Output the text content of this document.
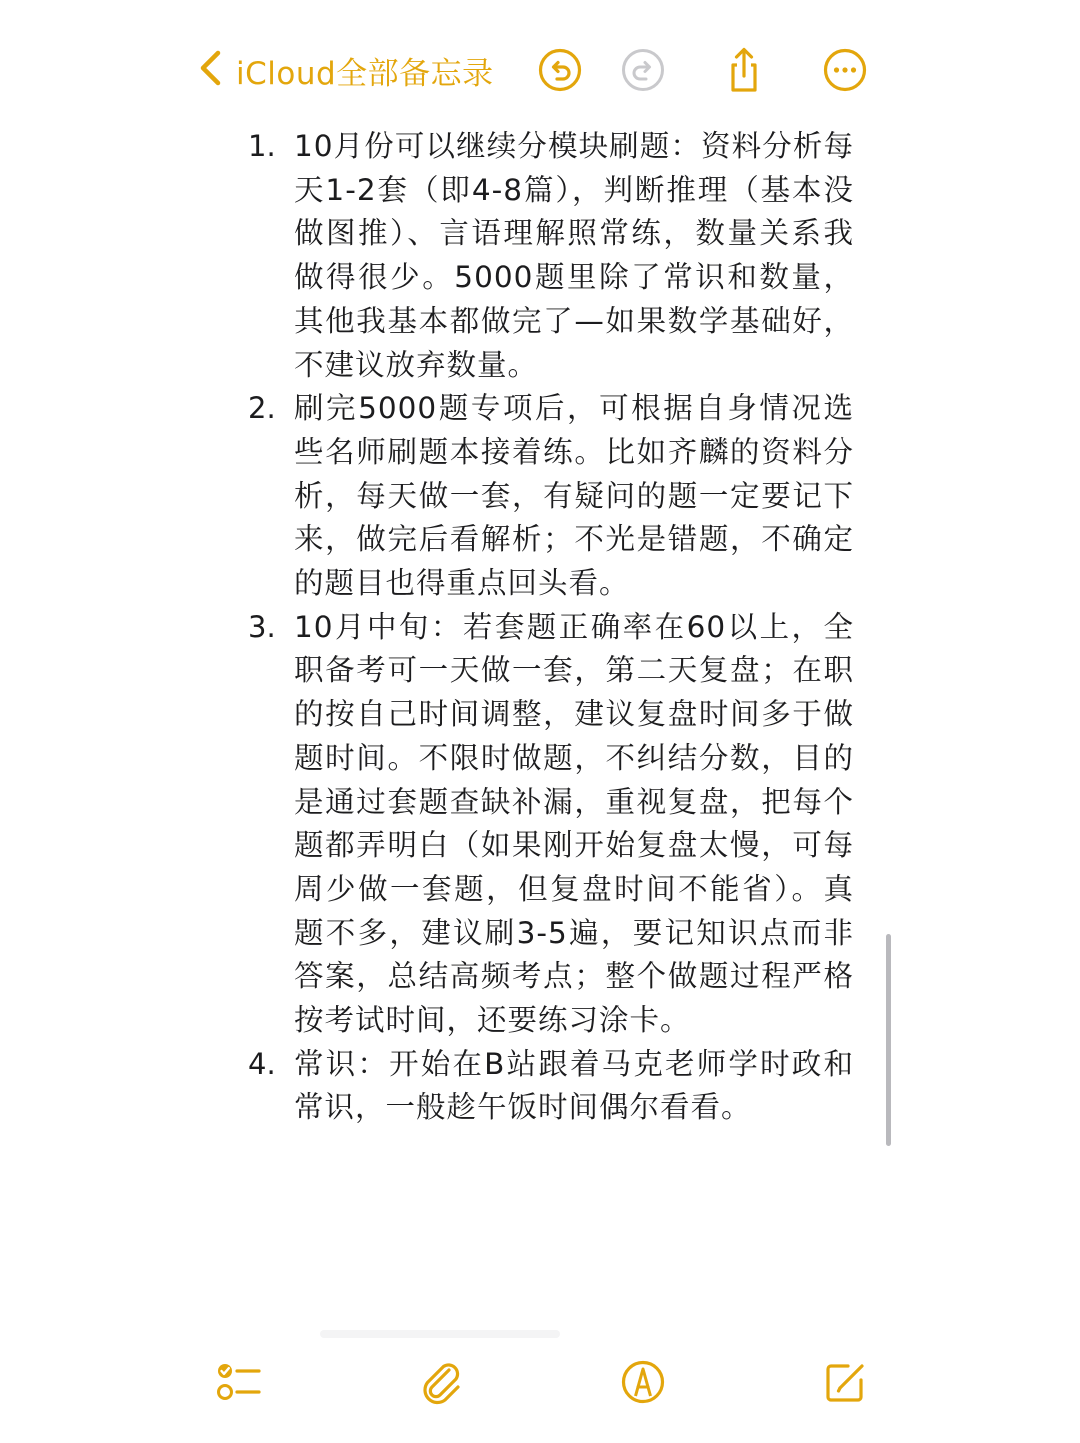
iCloud全部备忘录
1. 10月份可以继续分模块刷题：资料分析每天1-2套（即4-8篇），判断推理（基本没做图推）、言语理解照常练，数量关系我做得很少。5000题里除了常识和数量，其他我基本都做完了—如果数学基础好，不建议放弃数量。
2. 刷完5000题专项后，可根据自身情况选些名师刷题本接着练。比如齐麟的资料分析，每天做一套，有疑问的题一定要记下来，做完后看解析；不光是错题，不确定的题目也得重点回头看。
3. 10月中旬：若套题正确率在60以上，全职备考可一天做一套，第二天复盘；在职的按自己时间调整，建议复盘时间多于做题时间。不限时做题，不纠结分数，目的是通过套题查缺补漏，重视复盘，把每个题都弄明白（如果刚开始复盘太慢，可每周少做一套题，但复盘时间不能省）。真题不多，建议刷3-5遍，要记知识点而非答案，总结高频考点；整个做题过程严格按考试时间，还要练习涂卡。
4. 常识：开始在B站跟着马克老师学时政和常识，一般趁午饭时间偶尔看看。
